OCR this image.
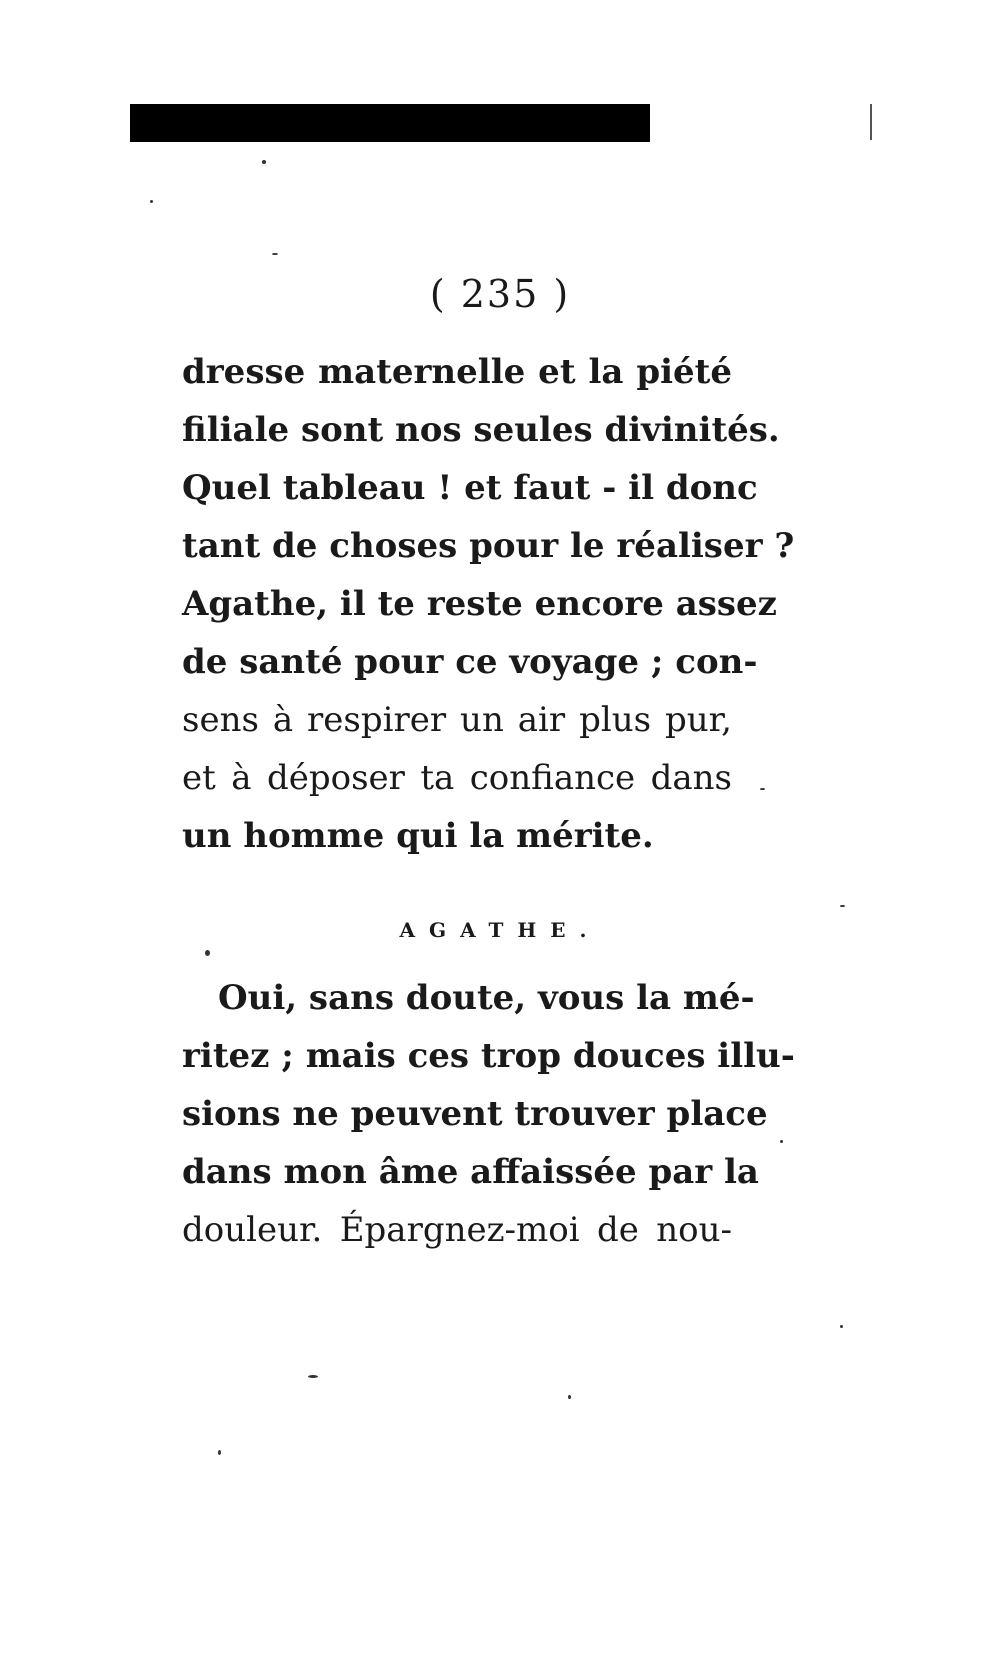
( 235 )
dresse maternelle et la piété
filiale sont nos seules divinités.
Quel tableau ! et faut - il donc
tant de choses pour le réaliser ?
Agathe, il te reste encore assez
de santé pour ce voyage ; con-
sens à respirer un air plus pur,
et à déposer ta confiance dans
un homme qui la mérite.
AGATHE.
Oui, sans doute, vous la mé-
ritez ; mais ces trop douces illu-
sions ne peuvent trouver place
dans mon âme affaissée par la
douleur. Épargnez-moi de nou-
